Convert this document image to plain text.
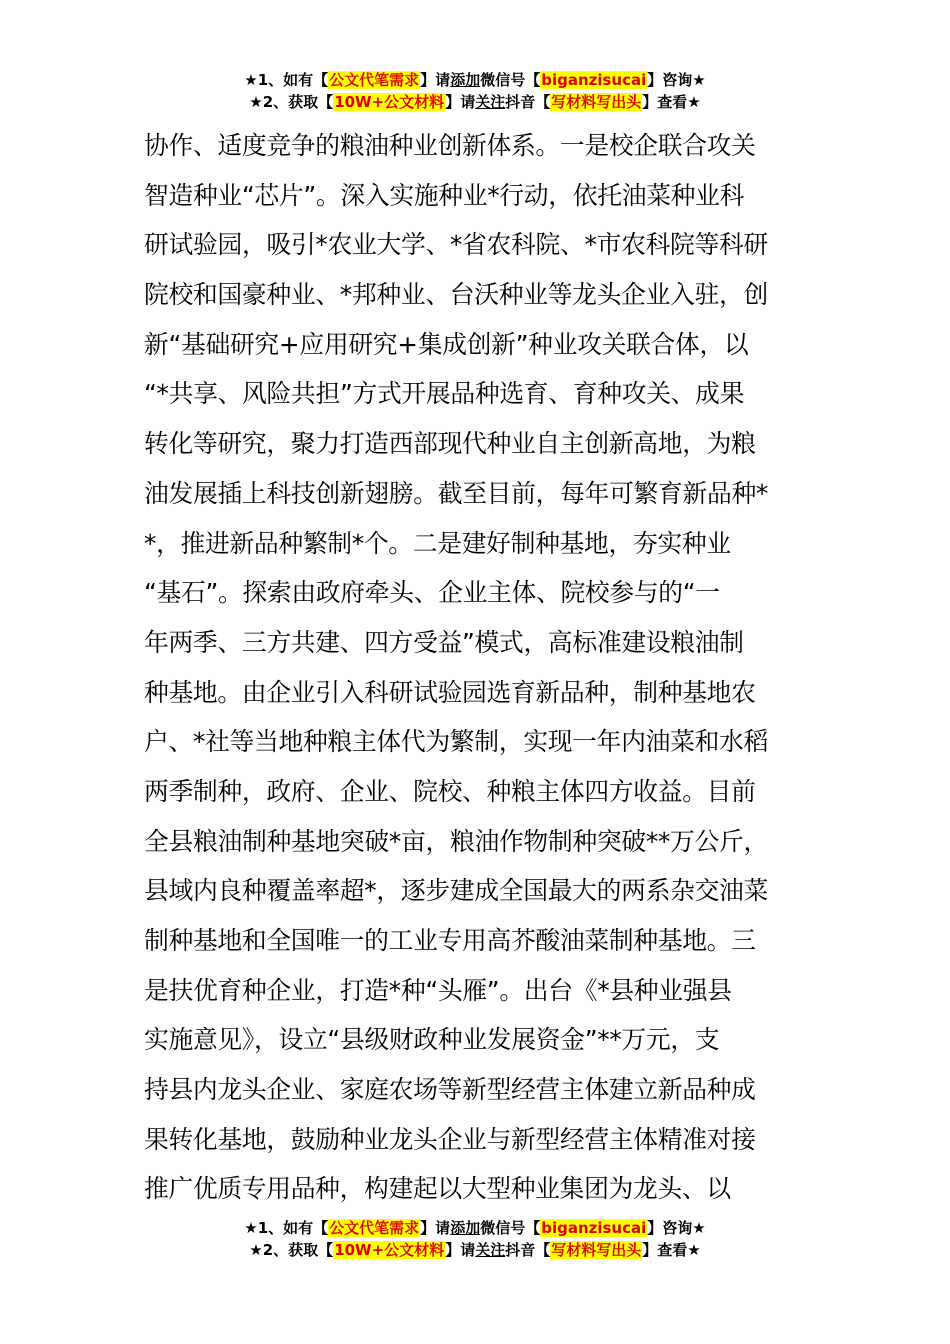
★1、如有【公文代笔需求】请添加微信号【biganzisucai】咨询★
★2、获取【10W+公文材料】请关注抖音【写材料写出头】查看★
协作、适度竞争的粮油种业创新体系。一是校企联合攻关
智造种业“芯片”。深入实施种业*行动，依托油菜种业科
研试验园，吸引*农业大学、*省农科院、*市农科院等科研
院校和国豪种业、*邦种业、台沃种业等龙头企业入驻，创
新“基础研究+应用研究+集成创新”种业攻关联合体，以
“*共享、风险共担”方式开展品种选育、育种攻关、成果
转化等研究，聚力打造西部现代种业自主创新高地，为粮
油发展插上科技创新翅膀。截至目前，每年可繁育新品种*
*，推进新品种繁制*个。二是建好制种基地，夯实种业
“基石”。探索由政府牵头、企业主体、院校参与的“一
年两季、三方共建、四方受益”模式，高标准建设粮油制
种基地。由企业引入科研试验园选育新品种，制种基地农
户、*社等当地种粮主体代为繁制，实现一年内油菜和水稻
两季制种，政府、企业、院校、种粮主体四方收益。目前
全县粮油制种基地突破*亩，粮油作物制种突破**万公斤，
县域内良种覆盖率超*，逐步建成全国最大的两系杂交油菜
制种基地和全国唯一的工业专用高芥酸油菜制种基地。三
是扶优育种企业，打造*种“头雁”。出台《*县种业强县
实施意见》，设立“县级财政种业发展资金”**万元，支
持县内龙头企业、家庭农场等新型经营主体建立新品种成
果转化基地，鼓励种业龙头企业与新型经营主体精准对接
推广优质专用品种，构建起以大型种业集团为龙头、以
★1、如有【公文代笔需求】请添加微信号【biganzisucai】咨询★
★2、获取【10W+公文材料】请关注抖音【写材料写出头】查看★
